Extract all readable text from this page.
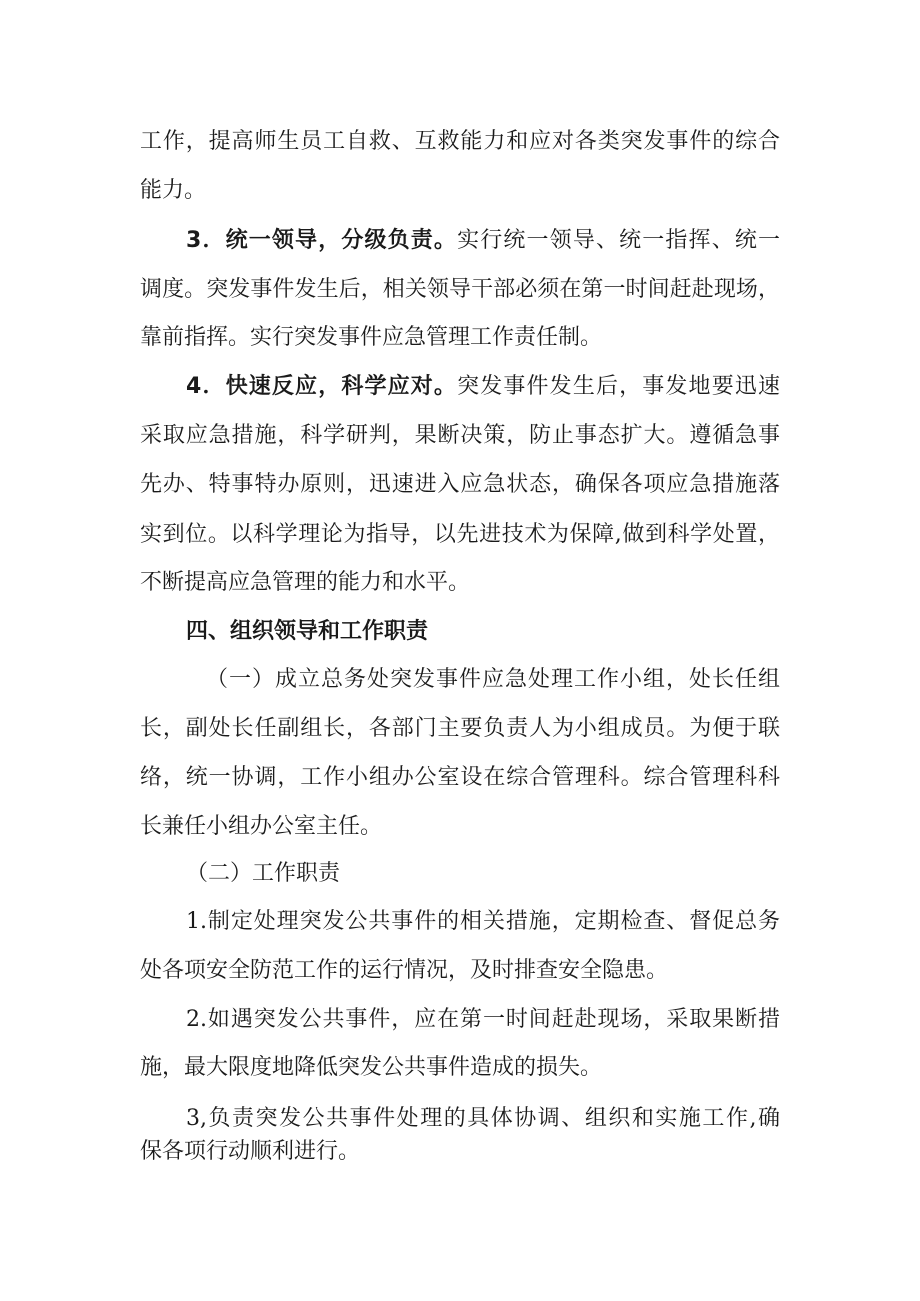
工作，提高师生员工自救、互救能力和应对各类突发事件的综合
能力。
3．统一领导，分级负责。实行统一领导、统一指挥、统一
调度。突发事件发生后，相关领导干部必须在第一时间赶赴现场，
靠前指挥。实行突发事件应急管理工作责任制。
4．快速反应，科学应对。突发事件发生后，事发地要迅速
采取应急措施，科学研判，果断决策，防止事态扩大。遵循急事
先办、特事特办原则，迅速进入应急状态，确保各项应急措施落
实到位。以科学理论为指导，以先进技术为保障,做到科学处置，
不断提高应急管理的能力和水平。
四、组织领导和工作职责
（一）成立总务处突发事件应急处理工作小组，处长任组
长，副处长任副组长，各部门主要负责人为小组成员。为便于联
络，统一协调，工作小组办公室设在综合管理科。综合管理科科
长兼任小组办公室主任。
（二）工作职责
1.制定处理突发公共事件的相关措施，定期检查、督促总务
处各项安全防范工作的运行情况，及时排查安全隐患。
2.如遇突发公共事件，应在第一时间赶赴现场，采取果断措
施，最大限度地降低突发公共事件造成的损失。
3,负责突发公共事件处理的具体协调、组织和实施工作,确
保各项行动顺利进行。
